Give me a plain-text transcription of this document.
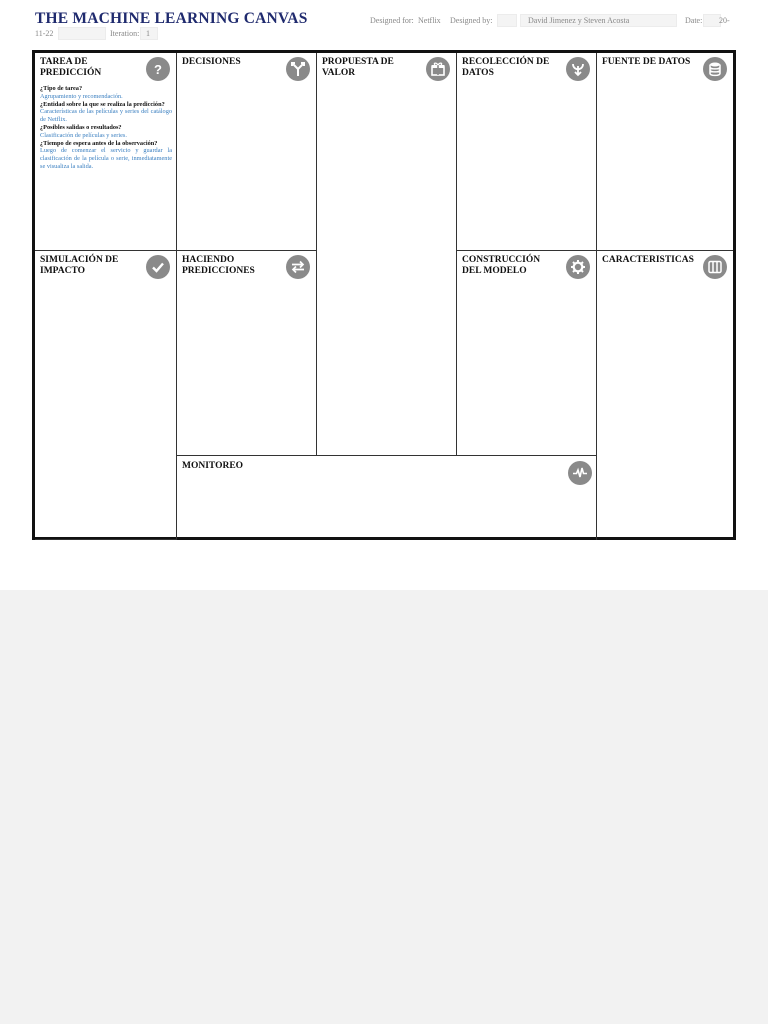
THE MACHINE LEARNING CANVAS	Designed for: Netflix Designed by:	David Jimenez y Steven Acosta	Date: 20-
11-22	Iteration: 1
TAREA DE PREDICCIÓN	?
¿Tipo de tarea?
Agrupamiento y recomendación.
¿Entidad sobre la que se realiza la predicción?
Características de las películas y series del catálogo de Netflix.
¿Posibles salidas o resultados?
Clasificación de películas y series.
¿Tiempo de espera antes de la observación?
Luego de comenzar el servicio y guardar la clasificación de la película o serie, inmediatamente se visualiza la salida.
DECISIONES	PROPUESTA DE VALOR
RECOLECCIÓN DE DATOS
FUENTE DE DATOS
SIMULACIÓN DE IMPACTO
HACIENDO PREDICCIONES
CONSTRUCCIÓN DEL MODELO
CARACTERISTICAS
MONITOREO
